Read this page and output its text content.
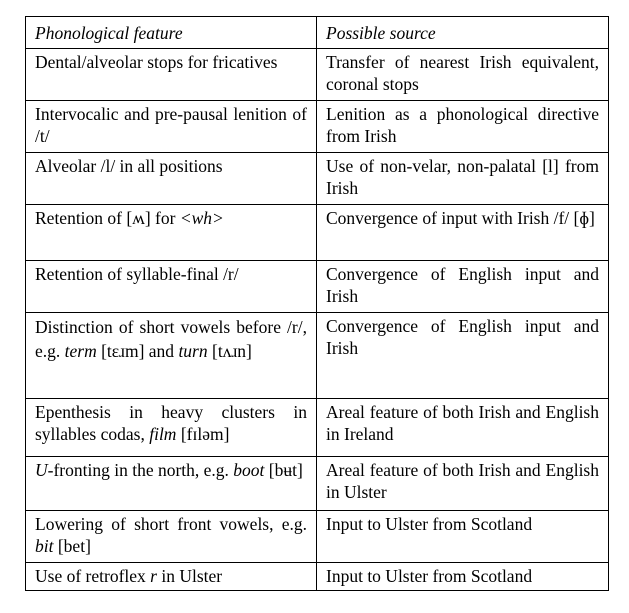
Phonological feature	Possible source
Dental/alveolar stops for fricatives	Transfer of nearest Irish equivalent, coronal stops
Intervocalic and pre-pausal lenition of /t/	Lenition as a phonological directive from Irish
Alveolar /l/ in all positions	Use of non-velar, non-palatal [l] from Irish
Retention of [ʍ] for <wh>	Convergence of input with Irish /f/ [ɸ]
Retention of syllable-final /r/	Convergence of English input and Irish
Distinction of short vowels before /r/, e.g. term [tɛɹm] and turn [tʌɹn]	Convergence of English input and Irish
Epenthesis in heavy clusters in syllables codas, film [fɪləm]	Areal feature of both Irish and English in Ireland
U-fronting in the north, e.g. boot [bʉt]	Areal feature of both Irish and English in Ulster
Lowering of short front vowels, e.g. bit [bet]	Input to Ulster from Scotland
Use of retroflex r in Ulster	Input to Ulster from Scotland
